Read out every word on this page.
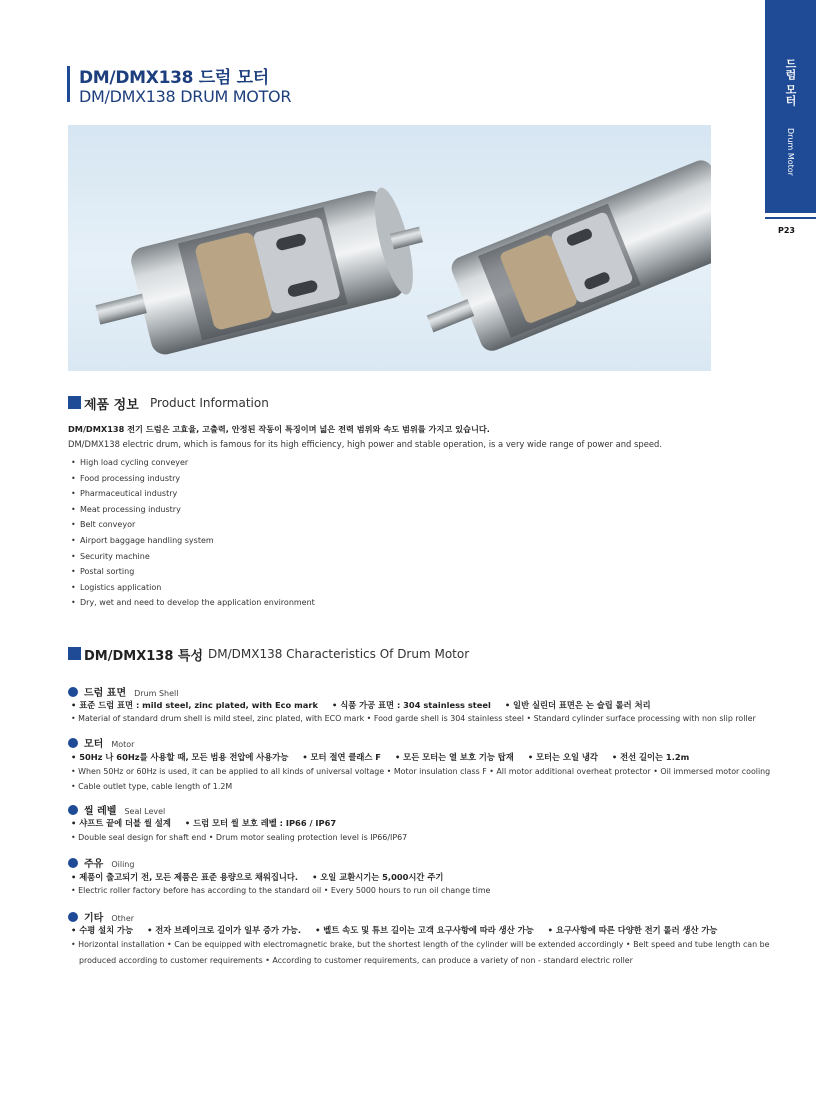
DM/DMX138 드럼 모터
DM/DMX138 DRUM MOTOR	드럼 모터
Drum Motor
P23
제품 정보 Product Information
DM/DMX138 전기 드럼은 고효율, 고출력, 안정된 작동이 특징이며 넓은 전력 범위와 속도 범위를 가지고 있습니다.
DM/DMX138 electric drum, which is famous for its high efficiency, high power and stable operation, is a very wide range of power and speed.
• High load cycling conveyer
• Food processing industry
• Pharmaceutical industry
• Meat processing industry
• Belt conveyor
• Airport baggage handling system
• Security machine
• Postal sorting
• Logistics application
• Dry, wet and need to develop the application environment
DM/DMX138 특성 DM/DMX138 Characteristics Of Drum Motor
드럼 표면 Drum Shell
• 표준 드럼 표면 : mild steel, zinc plated, with Eco mark • 식품 가공 표면 : 304 stainless steel • 일반 실린더 표면은 논 슬립 롤러 처리
• Material of standard drum shell is mild steel, zinc plated, with ECO mark • Food garde shell is 304 stainless steel • Standard cylinder surface processing with non slip roller
모터 Motor
• 50Hz 나 60Hz를 사용할 때, 모든 범용 전압에 사용가능 • 모터 절연 클래스 F • 모든 모터는 열 보호 기능 탑재 • 모터는 오일 냉각 • 전선 길이는 1.2m
• When 50Hz or 60Hz is used, it can be applied to all kinds of universal voltage • Motor insulation class F • All motor additional overheat protector • Oil immersed motor cooling
• Cable outlet type, cable length of 1.2M
씰 레벨 Seal Level
• 샤프트 끝에 더블 씰 설계 • 드럼 모터 씰 보호 레벨 : IP66 / IP67
• Double seal design for shaft end • Drum motor sealing protection level is IP66/IP67
주유 Oiling
• 제품이 출고되기 전, 모든 제품은 표준 용량으로 채워집니다. • 오일 교환시기는 5,000시간 주기
• Electric roller factory before has according to the standard oil • Every 5000 hours to run oil change time
기타 Other
• 수평 설치 가능 • 전자 브레이크로 길이가 일부 증가 가능. • 벨트 속도 및 튜브 길이는 고객 요구사항에 따라 생산 가능 • 요구사항에 따른 다양한 전기 롤러 생산 가능
• Horizontal installation • Can be equipped with electromagnetic brake, but the shortest length of the cylinder will be extended accordingly • Belt speed and tube length can be
produced according to customer requirements • According to customer requirements, can produce a variety of non - standard electric roller
